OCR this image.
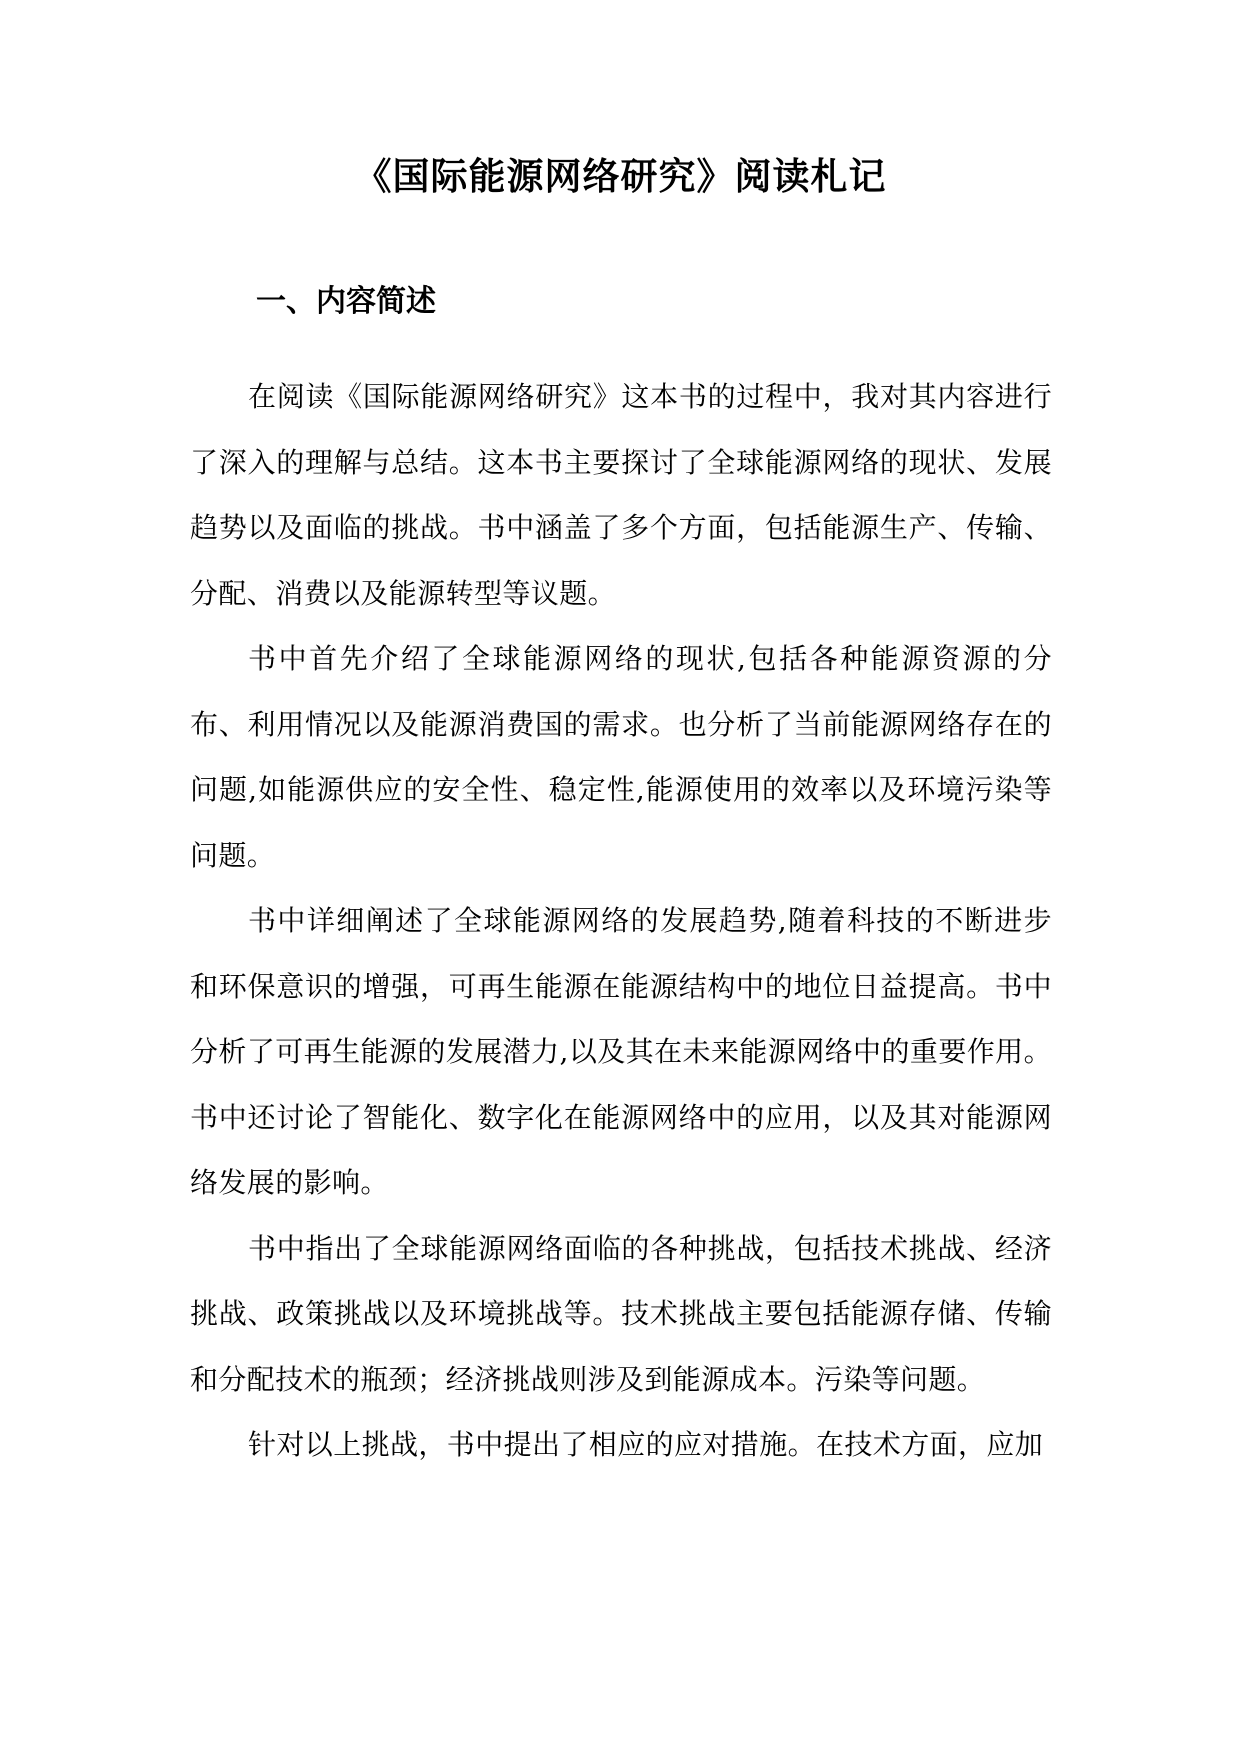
《国际能源网络研究》阅读札记
一、内容简述

在阅读《国际能源网络研究》这本书的过程中，我对其内容进行了深入的理解与总结。这本书主要探讨了全球能源网络的现状、发展趋势以及面临的挑战。书中涵盖了多个方面，包括能源生产、传输、分配、消费以及能源转型等议题。

书中首先介绍了全球能源网络的现状,包括各种能源资源的分布、利用情况以及能源消费国的需求。也分析了当前能源网络存在的问题,如能源供应的安全性、稳定性,能源使用的效率以及环境污染等问题。

书中详细阐述了全球能源网络的发展趋势,随着科技的不断进步和环保意识的增强，可再生能源在能源结构中的地位日益提高。书中分析了可再生能源的发展潜力,以及其在未来能源网络中的重要作用。书中还讨论了智能化、数字化在能源网络中的应用，以及其对能源网络发展的影响。

书中指出了全球能源网络面临的各种挑战，包括技术挑战、经济挑战、政策挑战以及环境挑战等。技术挑战主要包括能源存储、传输和分配技术的瓶颈；经济挑战则涉及到能源成本。污染等问题。

针对以上挑战，书中提出了相应的应对措施。在技术方面，应加
